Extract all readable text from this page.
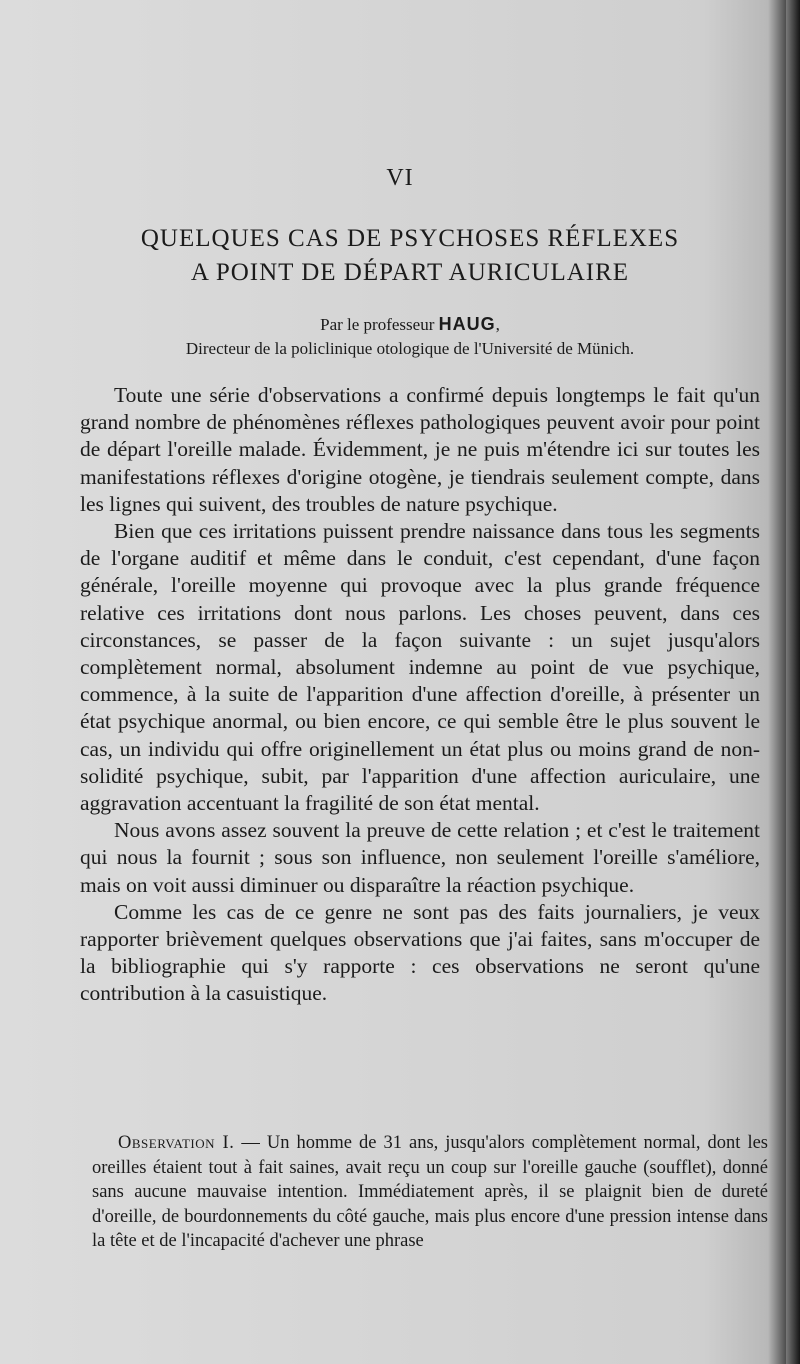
VI
QUELQUES CAS DE PSYCHOSES RÉFLEXES
A POINT DE DÉPART AURICULAIRE
Par le professeur HAUG,
Directeur de la policlinique otologique de l'Université de Münich.

Toute une série d'observations a confirmé depuis longtemps le fait qu'un grand nombre de phénomènes réflexes pathologiques peuvent avoir pour point de départ l'oreille malade. Évidemment, je ne puis m'étendre ici sur toutes les manifestations réflexes d'origine otogène, je tiendrais seulement compte, dans les lignes qui suivent, des troubles de nature psychique.

Bien que ces irritations puissent prendre naissance dans tous les segments de l'organe auditif et même dans le conduit, c'est cependant, d'une façon générale, l'oreille moyenne qui provoque avec la plus grande fréquence relative ces irritations dont nous parlons. Les choses peuvent, dans ces circonstances, se passer de la façon suivante : un sujet jusqu'alors complètement normal, absolument indemne au point de vue psychique, commence, à la suite de l'apparition d'une affection d'oreille, à présenter un état psychique anormal, ou bien encore, ce qui semble être le plus souvent le cas, un individu qui offre originellement un état plus ou moins grand de non-solidité psychique, subit, par l'apparition d'une affection auriculaire, une aggravation accentuant la fragilité de son état mental.

Nous avons assez souvent la preuve de cette relation ; et c'est le traitement qui nous la fournit ; sous son influence, non seulement l'oreille s'améliore, mais on voit aussi diminuer ou disparaître la réaction psychique.

Comme les cas de ce genre ne sont pas des faits journaliers, je veux rapporter brièvement quelques observations que j'ai faites, sans m'occuper de la bibliographie qui s'y rapporte : ces observations ne seront qu'une contribution à la casuistique.

Observation I. — Un homme de 31 ans, jusqu'alors complètement normal, dont les oreilles étaient tout à fait saines, avait reçu un coup sur l'oreille gauche (soufflet), donné sans aucune mauvaise intention. Immédiatement après, il se plaignit bien de dureté d'oreille, de bourdonnements du côté gauche, mais plus encore d'une pression intense dans la tête et de l'incapacité d'achever une phrase
